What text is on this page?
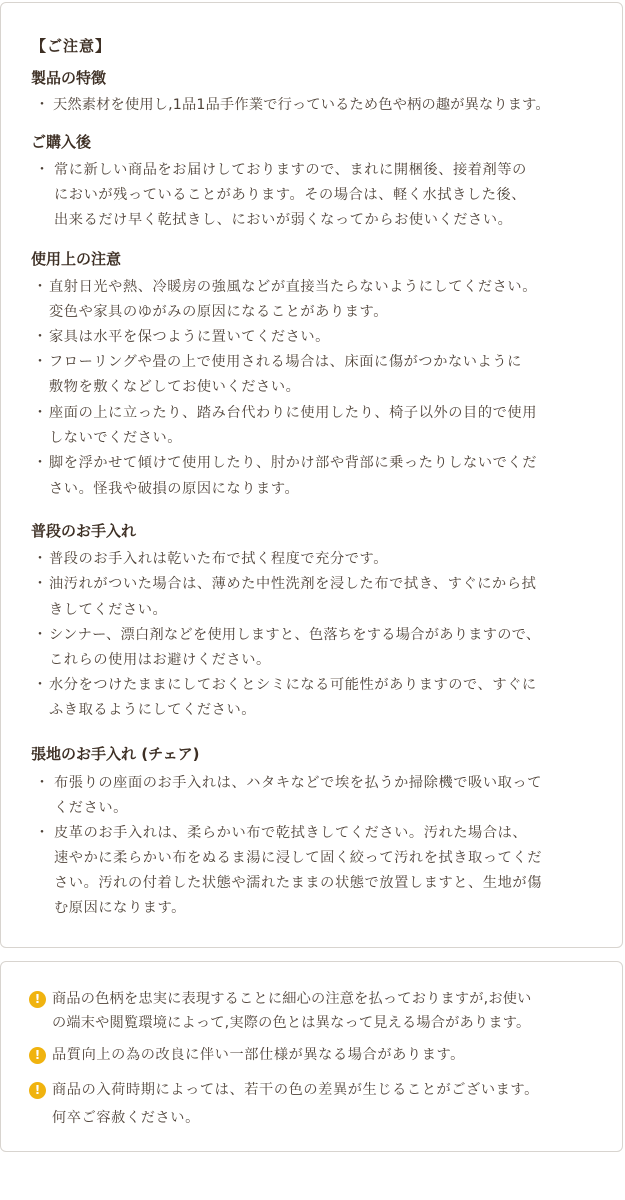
【ご注意】
製品の特徴
・ 天然素材を使用し,1品1品手作業で行っているため色や柄の趣が異なります。
ご購入後
・ 常に新しい商品をお届けしておりますので、まれに開梱後、接着剤等の
においが残っていることがあります。その場合は、軽く水拭きした後、
出来るだけ早く乾拭きし、においが弱くなってからお使いください。
使用上の注意
・ 直射日光や熱、冷暖房の強風などが直接当たらないようにしてください。
変色や家具のゆがみの原因になることがあります。
・ 家具は水平を保つように置いてください。
・ フローリングや畳の上で使用される場合は、床面に傷がつかないように
敷物を敷くなどしてお使いください。
・ 座面の上に立ったり、踏み台代わりに使用したり、椅子以外の目的で使用
しないでください。
・ 脚を浮かせて傾けて使用したり、肘かけ部や背部に乗ったりしないでくだ
さい。怪我や破損の原因になります。
普段のお手入れ
・ 普段のお手入れは乾いた布で拭く程度で充分です。
・ 油汚れがついた場合は、薄めた中性洗剤を浸した布で拭き、すぐにから拭
きしてください。
・ シンナー、漂白剤などを使用しますと、色落ちをする場合がありますので、
これらの使用はお避けください。
・ 水分をつけたままにしておくとシミになる可能性がありますので、すぐに
ふき取るようにしてください。
張地のお手入れ (チェア)
・ 布張りの座面のお手入れは、ハタキなどで埃を払うか掃除機で吸い取って
ください。
・ 皮革のお手入れは、柔らかい布で乾拭きしてください。汚れた場合は、
速やかに柔らかい布をぬるま湯に浸して固く絞って汚れを拭き取ってくだ
さい。汚れの付着した状態や濡れたままの状態で放置しますと、生地が傷
む原因になります。
! 商品の色柄を忠実に表現することに細心の注意を払っておりますが,お使い
の端末や閲覧環境によって,実際の色とは異なって見える場合があります。
! 品質向上の為の改良に伴い一部仕様が異なる場合があります。
! 商品の入荷時期によっては、若干の色の差異が生じることがございます。
何卒ご容赦ください。
